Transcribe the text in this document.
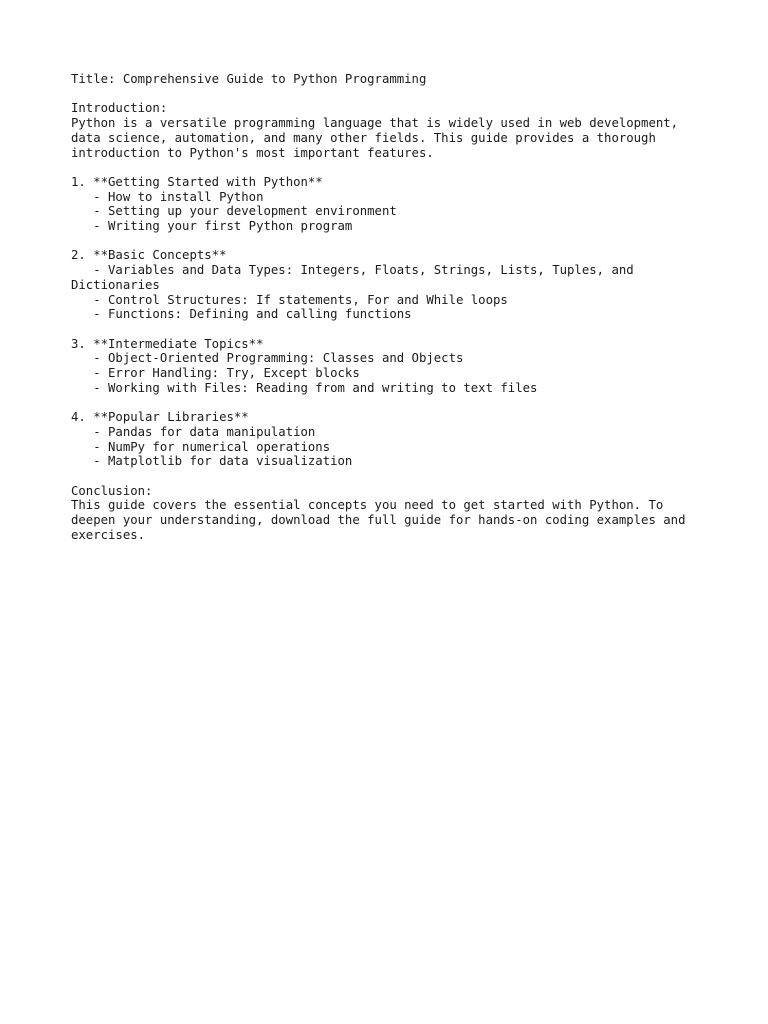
Title: Comprehensive Guide to Python Programming
Introduction:
Python is a versatile programming language that is widely used in web development,
data science, automation, and many other fields. This guide provides a thorough
introduction to Python's most important features.
1. **Getting Started with Python**
- How to install Python
- Setting up your development environment
- Writing your first Python program
2. **Basic Concepts**
- Variables and Data Types: Integers, Floats, Strings, Lists, Tuples, and
Dictionaries
- Control Structures: If statements, For and While loops
- Functions: Defining and calling functions
3. **Intermediate Topics**
- Object-Oriented Programming: Classes and Objects
- Error Handling: Try, Except blocks
- Working with Files: Reading from and writing to text files
4. **Popular Libraries**
- Pandas for data manipulation
- NumPy for numerical operations
- Matplotlib for data visualization
Conclusion:
This guide covers the essential concepts you need to get started with Python. To
deepen your understanding, download the full guide for hands-on coding examples and
exercises.
